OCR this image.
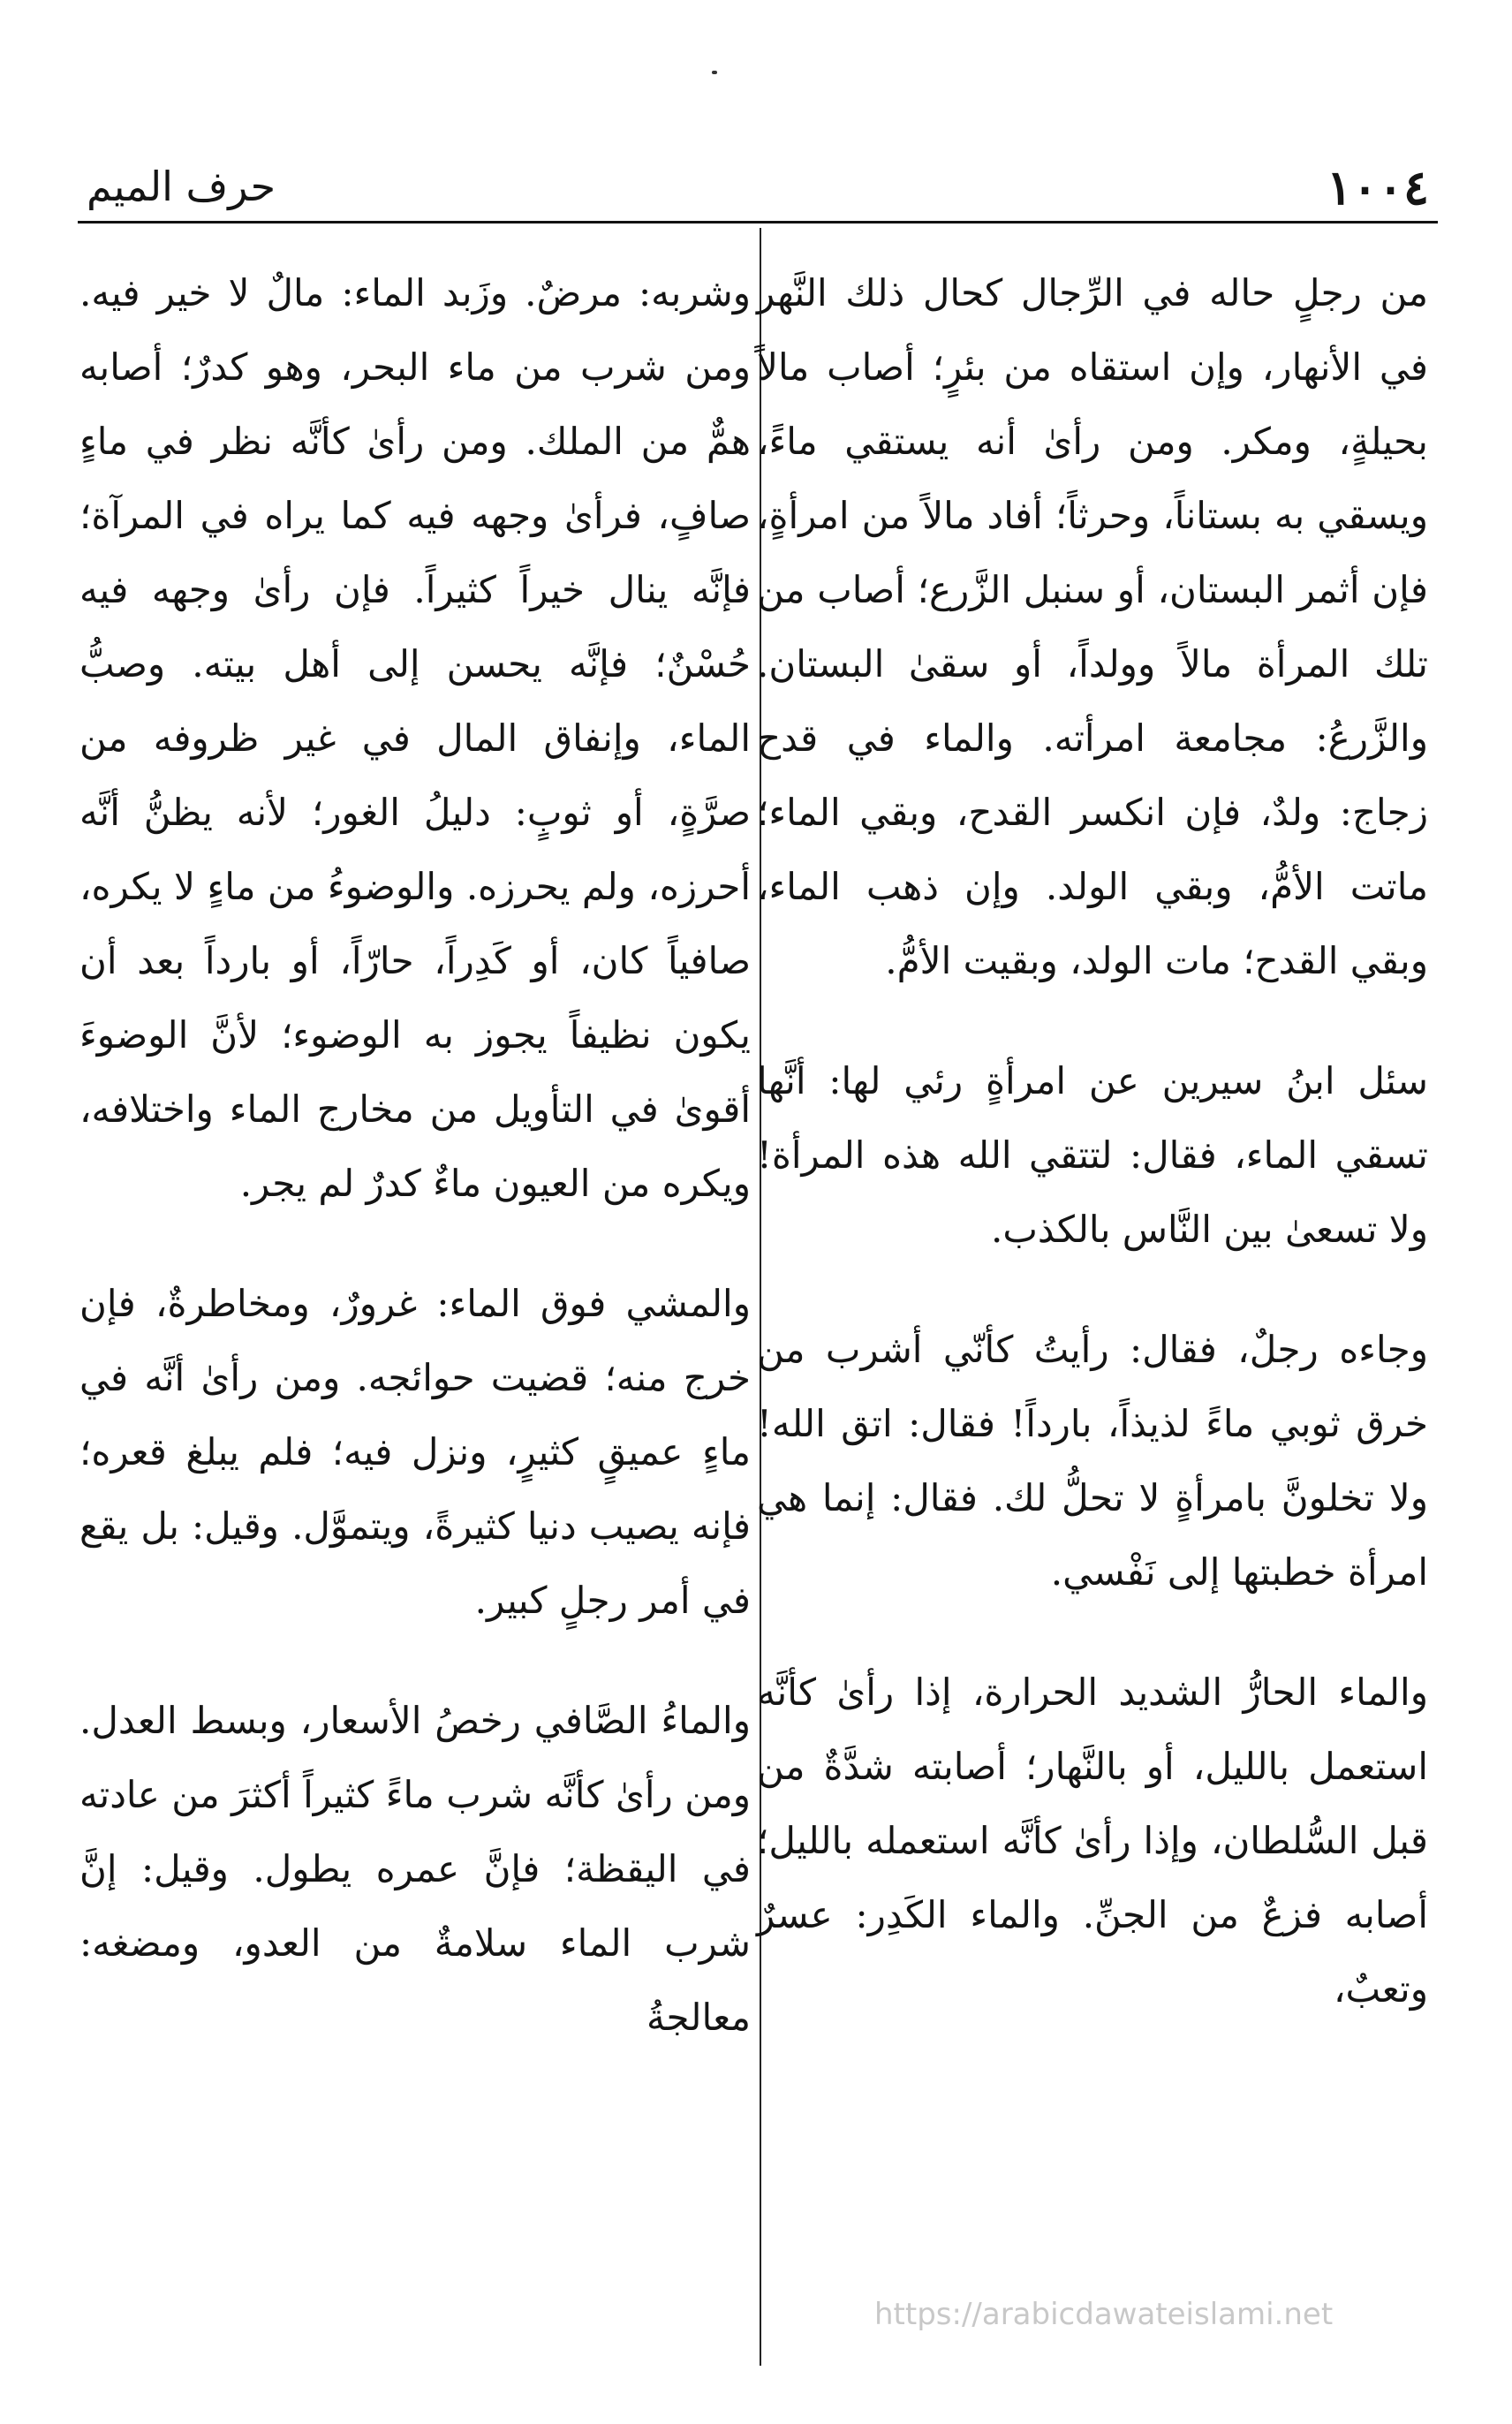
١٠٠٤
حرف الميم

من رجلٍ حاله في الرِّجال كحال ذلك النَّهر في الأنهار، وإن استقاه من بئرٍ؛ أصاب مالاً بحيلةٍ، ومكر. ومن رأىٰ أنه يستقي ماءً، ويسقي به بستاناً، وحرثاً؛ أفاد مالاً من امرأةٍ، فإن أثمر البستان، أو سنبل الزَّرع؛ أصاب من تلك المرأة مالاً وولداً، أو سقىٰ البستان. والزَّرعُ: مجامعة امرأته. والماء في قدح زجاج: ولدٌ، فإن انكسر القدح، وبقي الماء؛ ماتت الأمُّ، وبقي الولد. وإن ذهب الماء، وبقي القدح؛ مات الولد، وبقيت الأمُّ.

سئل ابنُ سيرين عن امرأةٍ رئي لها: أنَّها تسقي الماء، فقال: لتتقي الله هذه المرأة! ولا تسعىٰ بين النَّاس بالكذب.

وجاءه رجلٌ، فقال: رأيتُ كأنّي أشرب من خرق ثوبي ماءً لذيذاً، بارداً! فقال: اتق الله! ولا تخلونَّ بامرأةٍ لا تحلُّ لك. فقال: إنما هي امرأة خطبتها إلى نَفْسي.

والماء الحارُّ الشديد الحرارة، إذا رأىٰ كأنَّه استعمل بالليل، أو بالنَّهار؛ أصابته شدَّةٌ من قبل السُّلطان، وإذا رأىٰ كأنَّه استعمله بالليل؛ أصابه فزعٌ من الجنِّ. والماء الكَدِر: عسرٌ وتعبٌ،

وشربه: مرضٌ. وزَبد الماء: مالٌ لا خير فيه. ومن شرب من ماء البحر، وهو كدرٌ؛ أصابه همٌّ من الملك. ومن رأىٰ كأنَّه نظر في ماءٍ صافٍ، فرأىٰ وجهه فيه كما يراه في المرآة؛ فإنَّه ينال خيراً كثيراً. فإن رأىٰ وجهه فيه حُسْنٌ؛ فإنَّه يحسن إلى أهل بيته. وصبُّ الماء، وإنفاق المال في غير ظروفه من صرَّةٍ، أو ثوبٍ: دليلُ الغور؛ لأنه يظنُّ أنَّه أحرزه، ولم يحرزه. والوضوءُ من ماءٍ لا يكره، صافياً كان، أو كَدِراً، حارّاً، أو بارداً بعد أن يكون نظيفاً يجوز به الوضوء؛ لأنَّ الوضوءَ أقوىٰ في التأويل من مخارج الماء واختلافه، ويكره من العيون ماءٌ كدرٌ لم يجر.

والمشي فوق الماء: غرورٌ، ومخاطرةٌ، فإن خرج منه؛ قضيت حوائجه. ومن رأىٰ أنَّه في ماءٍ عميقٍ كثيرٍ، ونزل فيه؛ فلم يبلغ قعره؛ فإنه يصيب دنيا كثيرةً، ويتموَّل. وقيل: بل يقع في أمر رجلٍ كبير.

والماءُ الصَّافي رخصُ الأسعار، وبسط العدل. ومن رأىٰ كأنَّه شرب ماءً كثيراً أكثرَ من عادته في اليقظة؛ فإنَّ عمره يطول. وقيل: إنَّ شرب الماء سلامةٌ من العدو، ومضغه: معالجةُ

https://arabicdawateislami.net
